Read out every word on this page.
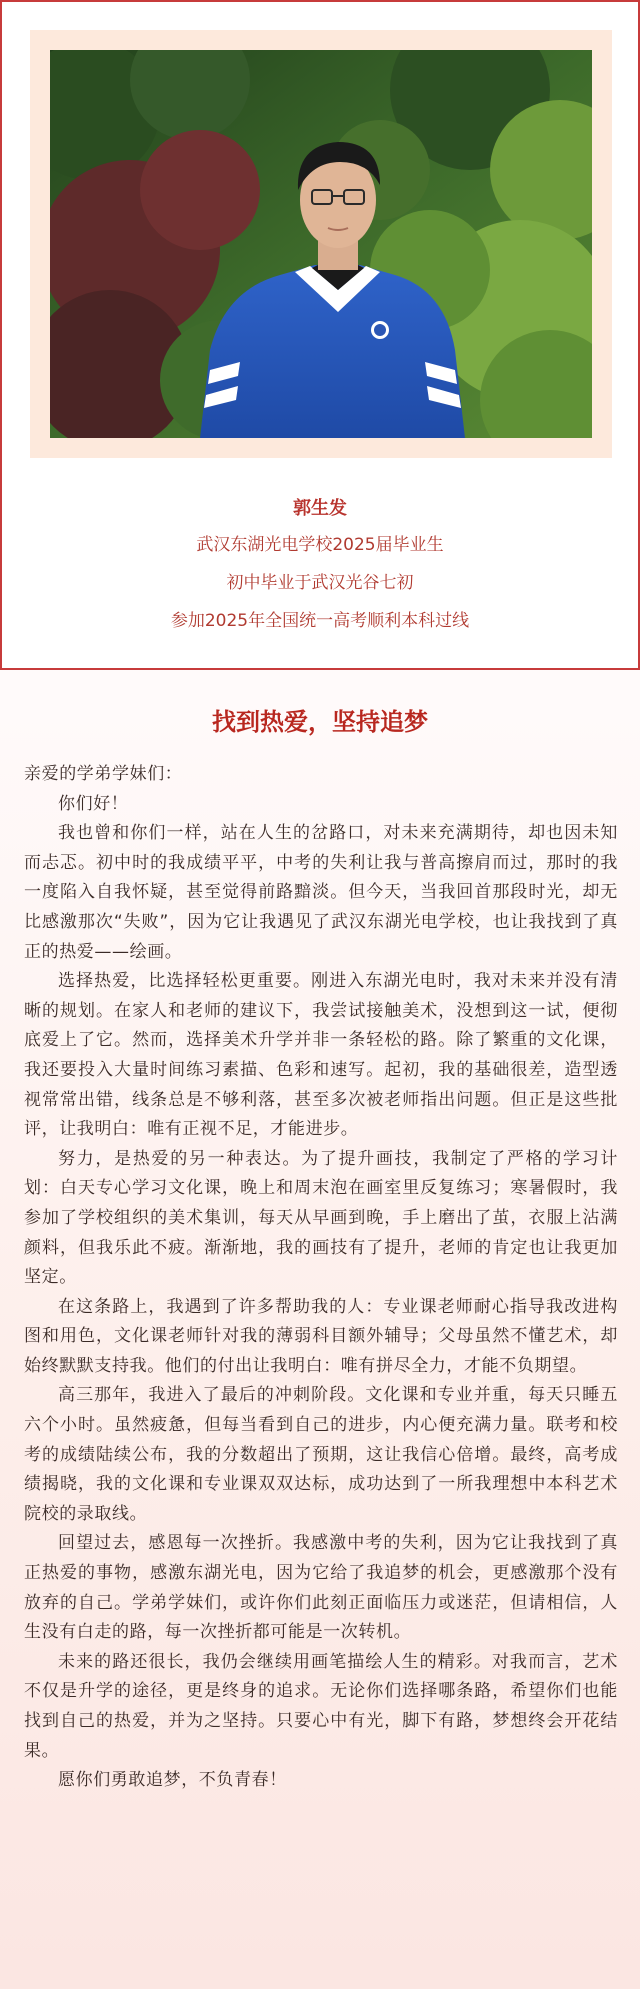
郭生发
武汉东湖光电学校2025届毕业生
初中毕业于武汉光谷七初
参加2025年全国统一高考顺利本科过线
找到热爱，坚持追梦

亲爱的学弟学妹们：

你们好！

我也曾和你们一样，站在人生的岔路口，对未来充满期待，却也因未知而忐忑。初中时的我成绩平平，中考的失利让我与普高擦肩而过，那时的我一度陷入自我怀疑，甚至觉得前路黯淡。但今天，当我回首那段时光，却无比感激那次“失败”，因为它让我遇见了武汉东湖光电学校，也让我找到了真正的热爱——绘画。

选择热爱，比选择轻松更重要。刚进入东湖光电时，我对未来并没有清晰的规划。在家人和老师的建议下，我尝试接触美术，没想到这一试，便彻底爱上了它。然而，选择美术升学并非一条轻松的路。除了繁重的文化课，我还要投入大量时间练习素描、色彩和速写。起初，我的基础很差，造型透视常常出错，线条总是不够利落，甚至多次被老师指出问题。但正是这些批评，让我明白：唯有正视不足，才能进步。

努力，是热爱的另一种表达。为了提升画技，我制定了严格的学习计划：白天专心学习文化课，晚上和周末泡在画室里反复练习；寒暑假时，我参加了学校组织的美术集训，每天从早画到晚，手上磨出了茧，衣服上沾满颜料，但我乐此不疲。渐渐地，我的画技有了提升，老师的肯定也让我更加坚定。

在这条路上，我遇到了许多帮助我的人：专业课老师耐心指导我改进构图和用色，文化课老师针对我的薄弱科目额外辅导；父母虽然不懂艺术，却始终默默支持我。他们的付出让我明白：唯有拼尽全力，才能不负期望。

高三那年，我进入了最后的冲刺阶段。文化课和专业并重，每天只睡五六个小时。虽然疲惫，但每当看到自己的进步，内心便充满力量。联考和校考的成绩陆续公布，我的分数超出了预期，这让我信心倍增。最终，高考成绩揭晓，我的文化课和专业课双双达标，成功达到了一所我理想中本科艺术院校的录取线。

回望过去，感恩每一次挫折。我感激中考的失利，因为它让我找到了真正热爱的事物，感激东湖光电，因为它给了我追梦的机会，更感激那个没有放弃的自己。学弟学妹们，或许你们此刻正面临压力或迷茫，但请相信，人生没有白走的路，每一次挫折都可能是一次转机。

未来的路还很长，我仍会继续用画笔描绘人生的精彩。对我而言，艺术不仅是升学的途径，更是终身的追求。无论你们选择哪条路，希望你们也能找到自己的热爱，并为之坚持。只要心中有光，脚下有路，梦想终会开花结果。

愿你们勇敢追梦，不负青春！
